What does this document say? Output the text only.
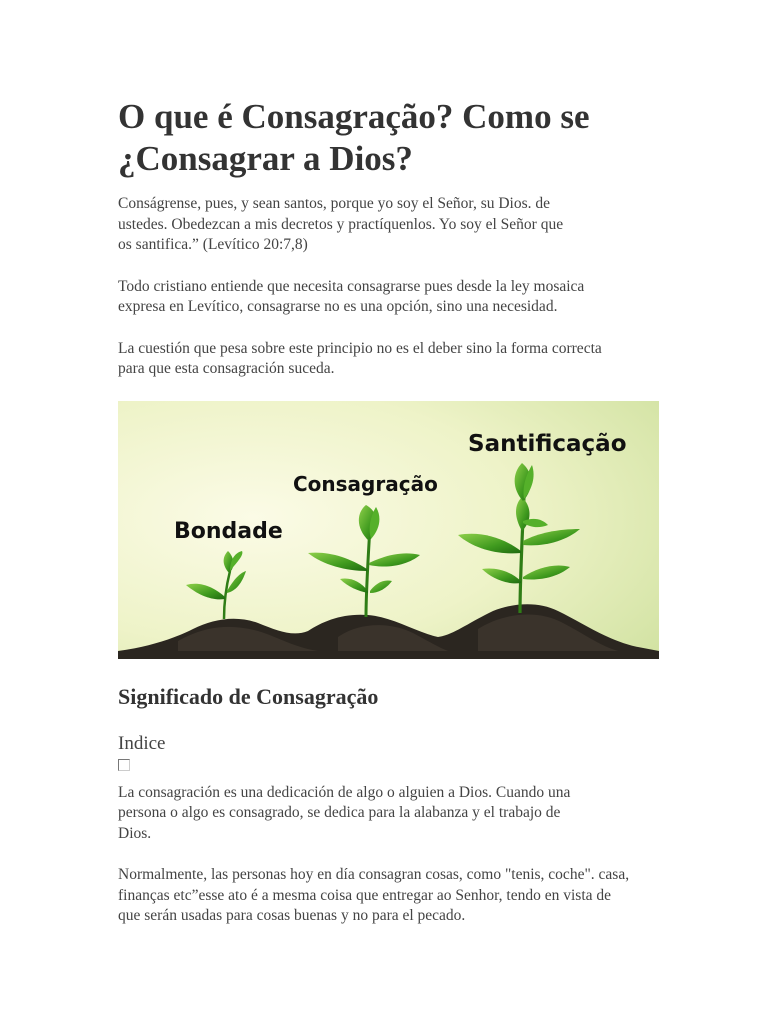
O que é Consagração? Como se ¿Consagrar a Dios?

Conságrense, pues, y sean santos, porque yo soy el Señor, su Dios. de ustedes. Obedezcan a mis decretos y practíquenlos. Yo soy el Señor que os santifica.” (Levítico 20:7,8)

Todo cristiano entiende que necesita consagrarse pues desde la ley mosaica expresa en Levítico, consagrarse no es una opción, sino una necesidad.

La cuestión que pesa sobre este principio no es el deber sino la forma correcta para que esta consagración suceda.

Bondade
Consagração
Santificação
Significado de Consagração
Indice

La consagración es una dedicación de algo o alguien a Dios. Cuando una persona o algo es consagrado, se dedica para la alabanza y el trabajo de Dios.

Normalmente, las personas hoy en día consagran cosas, como "tenis, coche". casa, finanças etc”esse ato é a mesma coisa que entregar ao Senhor, tendo en vista de que serán usadas para cosas buenas y no para el pecado.
